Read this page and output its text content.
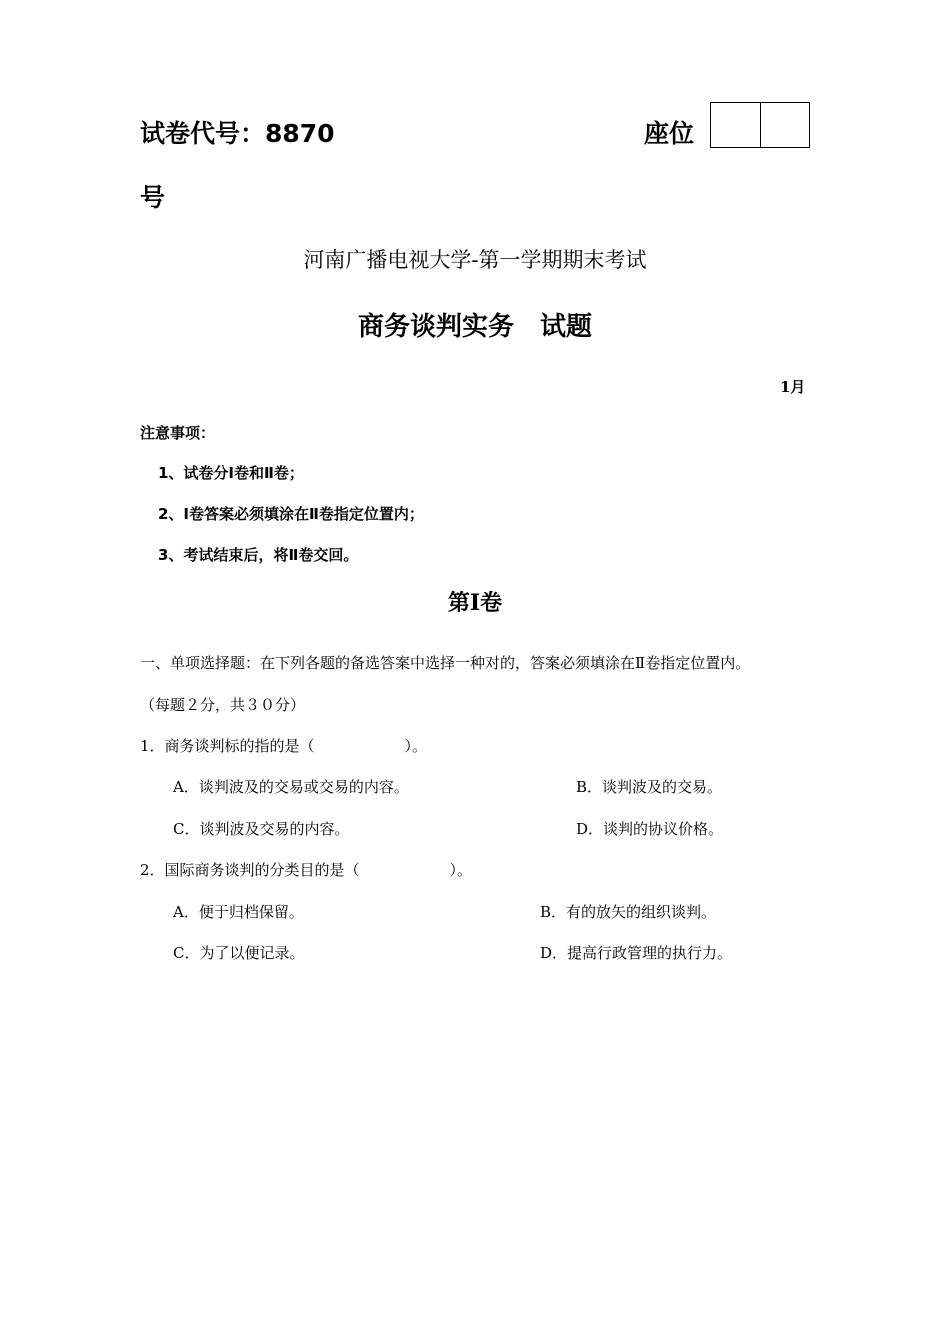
试卷代号：8870	座位
号
河南广播电视大学-第一学期期末考试
商务谈判实务　试题
1月
注意事项：
1、试卷分Ⅰ卷和Ⅱ卷；
2、Ⅰ卷答案必须填涂在Ⅱ卷指定位置内；
3、考试结束后，将Ⅱ卷交回。
第Ⅰ卷
一、单项选择题：在下列各题的备选答案中选择一种对的，答案必须填涂在Ⅱ卷指定位置内。
（每题２分，共３０分）
1．商务谈判标的指的是（　　　　　　）。
A．谈判波及的交易或交易的内容。	B．谈判波及的交易。
C．谈判波及交易的内容。	D．谈判的协议价格。
2．国际商务谈判的分类目的是（　　　　　　）。
A．便于归档保留。	B．有的放矢的组织谈判。
C．为了以便记录。	D．提高行政管理的执行力。
